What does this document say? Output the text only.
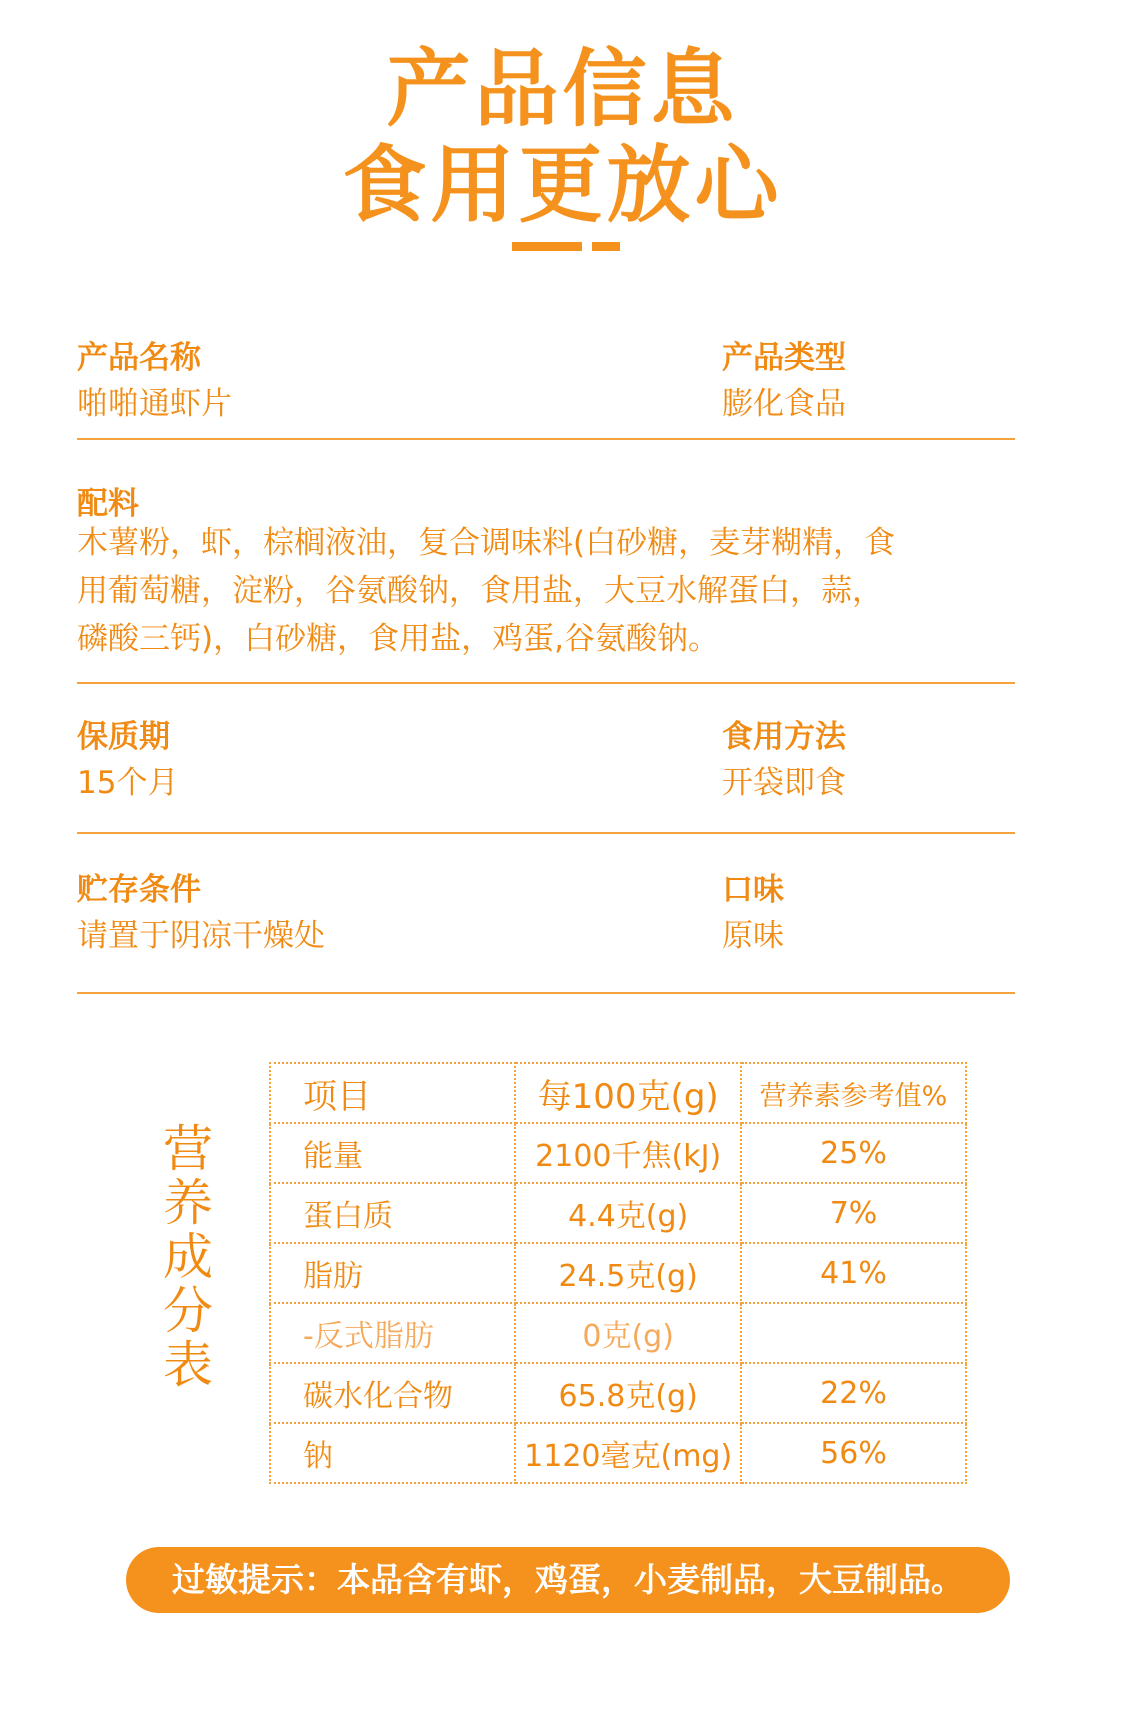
产品信息
食用更放心
产品名称
啪啪通虾片
产品类型
膨化食品
配料
木薯粉，虾，棕榈液油，复合调味料(白砂糖，麦芽糊精，食
用葡萄糖，淀粉，谷氨酸钠，食用盐，大豆水解蛋白，蒜，
磷酸三钙)，白砂糖，食用盐，鸡蛋,谷氨酸钠。
保质期
15个月
食用方法
开袋即食
贮存条件
请置于阴凉干燥处
口味
原味
营
养
成
分
表
项目	每100克(g)	营养素参考值%
能量	2100千焦(kJ)	25%
蛋白质	4.4克(g)	7%
脂肪	24.5克(g)	41%
-反式脂肪	0克(g)	
碳水化合物	65.8克(g)	22%
钠	1120毫克(mg)	56%
过敏提示：本品含有虾，鸡蛋，小麦制品，大豆制品。
